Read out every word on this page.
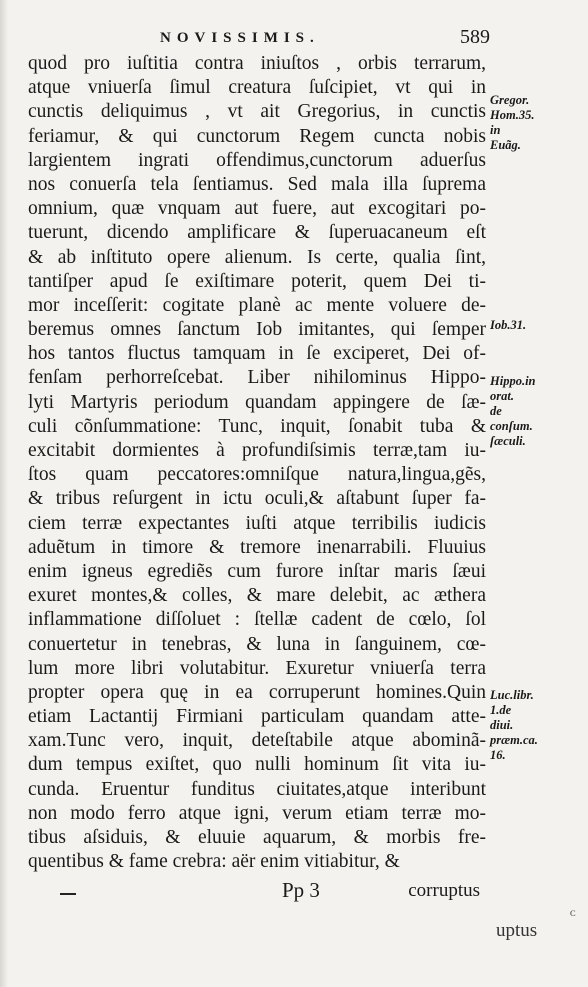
NOVISSIMIS.	589
quod pro iuſtitia contra iniuſtos , orbis terrarum,
atque vniuerſa ſimul creatura ſuſcipiet, vt qui in
cunctis deliquimus , vt ait Gregorius, in cunctis
feriamur, & qui cunctorum Regem cuncta nobis
largientem ingrati offendimus,cunctorum aduerſus
nos conuerſa tela ſentiamus. Sed mala illa ſuprema
omnium, quæ vnquam aut fuere, aut excogitari po-
tuerunt, dicendo amplificare & ſuperuacaneum eſt
& ab inſtituto opere alienum. Is certe, qualia ſint,
tantiſper apud ſe exiſtimare poterit, quem Dei ti-
mor inceſſerit: cogitate planè ac mente voluere de-
beremus omnes ſanctum Iob imitantes, qui ſemper
hos tantos fluctus tamquam in ſe exciperet, Dei of-
fenſam perhorreſcebat. Liber nihilominus Hippo-
lyti Martyris periodum quandam appingere de ſæ-
culi cõnſummatione: Tunc, inquit, ſonabit tuba &
excitabit dormientes à profundiſsimis terræ,tam iu-
ſtos quam peccatores:omniſque natura,lingua,gẽs,
& tribus reſurgent in ictu oculi,& aſtabunt ſuper fa-
ciem terræ expectantes iuſti atque terribilis iudicis
aduẽtum in timore & tremore inenarrabili. Fluuius
enim igneus egrediẽs cum furore inſtar maris ſæui
exuret montes,& colles, & mare delebit, ac æthera
inflammatione diſſoluet : ſtellæ cadent de cœlo, ſol
conuertetur in tenebras, & luna in ſanguinem, cœ-
lum more libri volutabitur. Exuretur vniuerſa terra
propter opera quę in ea corruperunt homines.Quin
etiam Lactantij Firmiani particulam quandam atte-
xam.Tunc vero, inquit, deteſtabile atque abominã-
dum tempus exiſtet, quo nulli hominum ſit vita iu-
cunda. Eruentur funditus ciuitates,atque interibunt
non modo ferro atque igni, verum etiam terræ mo-
tibus aſsiduis, & eluuie aquarum, & morbis fre-
quentibus & fame crebra: aër enim vitiabitur, &
Gregor.
Hom.35.
in
Euãg.
Iob.31.
Hippo.in
orat.
de
conſum.
ſæculi.
Luc.libr.
1.de
diui.
præm.ca.
16.
Pp 3	corruptus
ᴄ
uptus
